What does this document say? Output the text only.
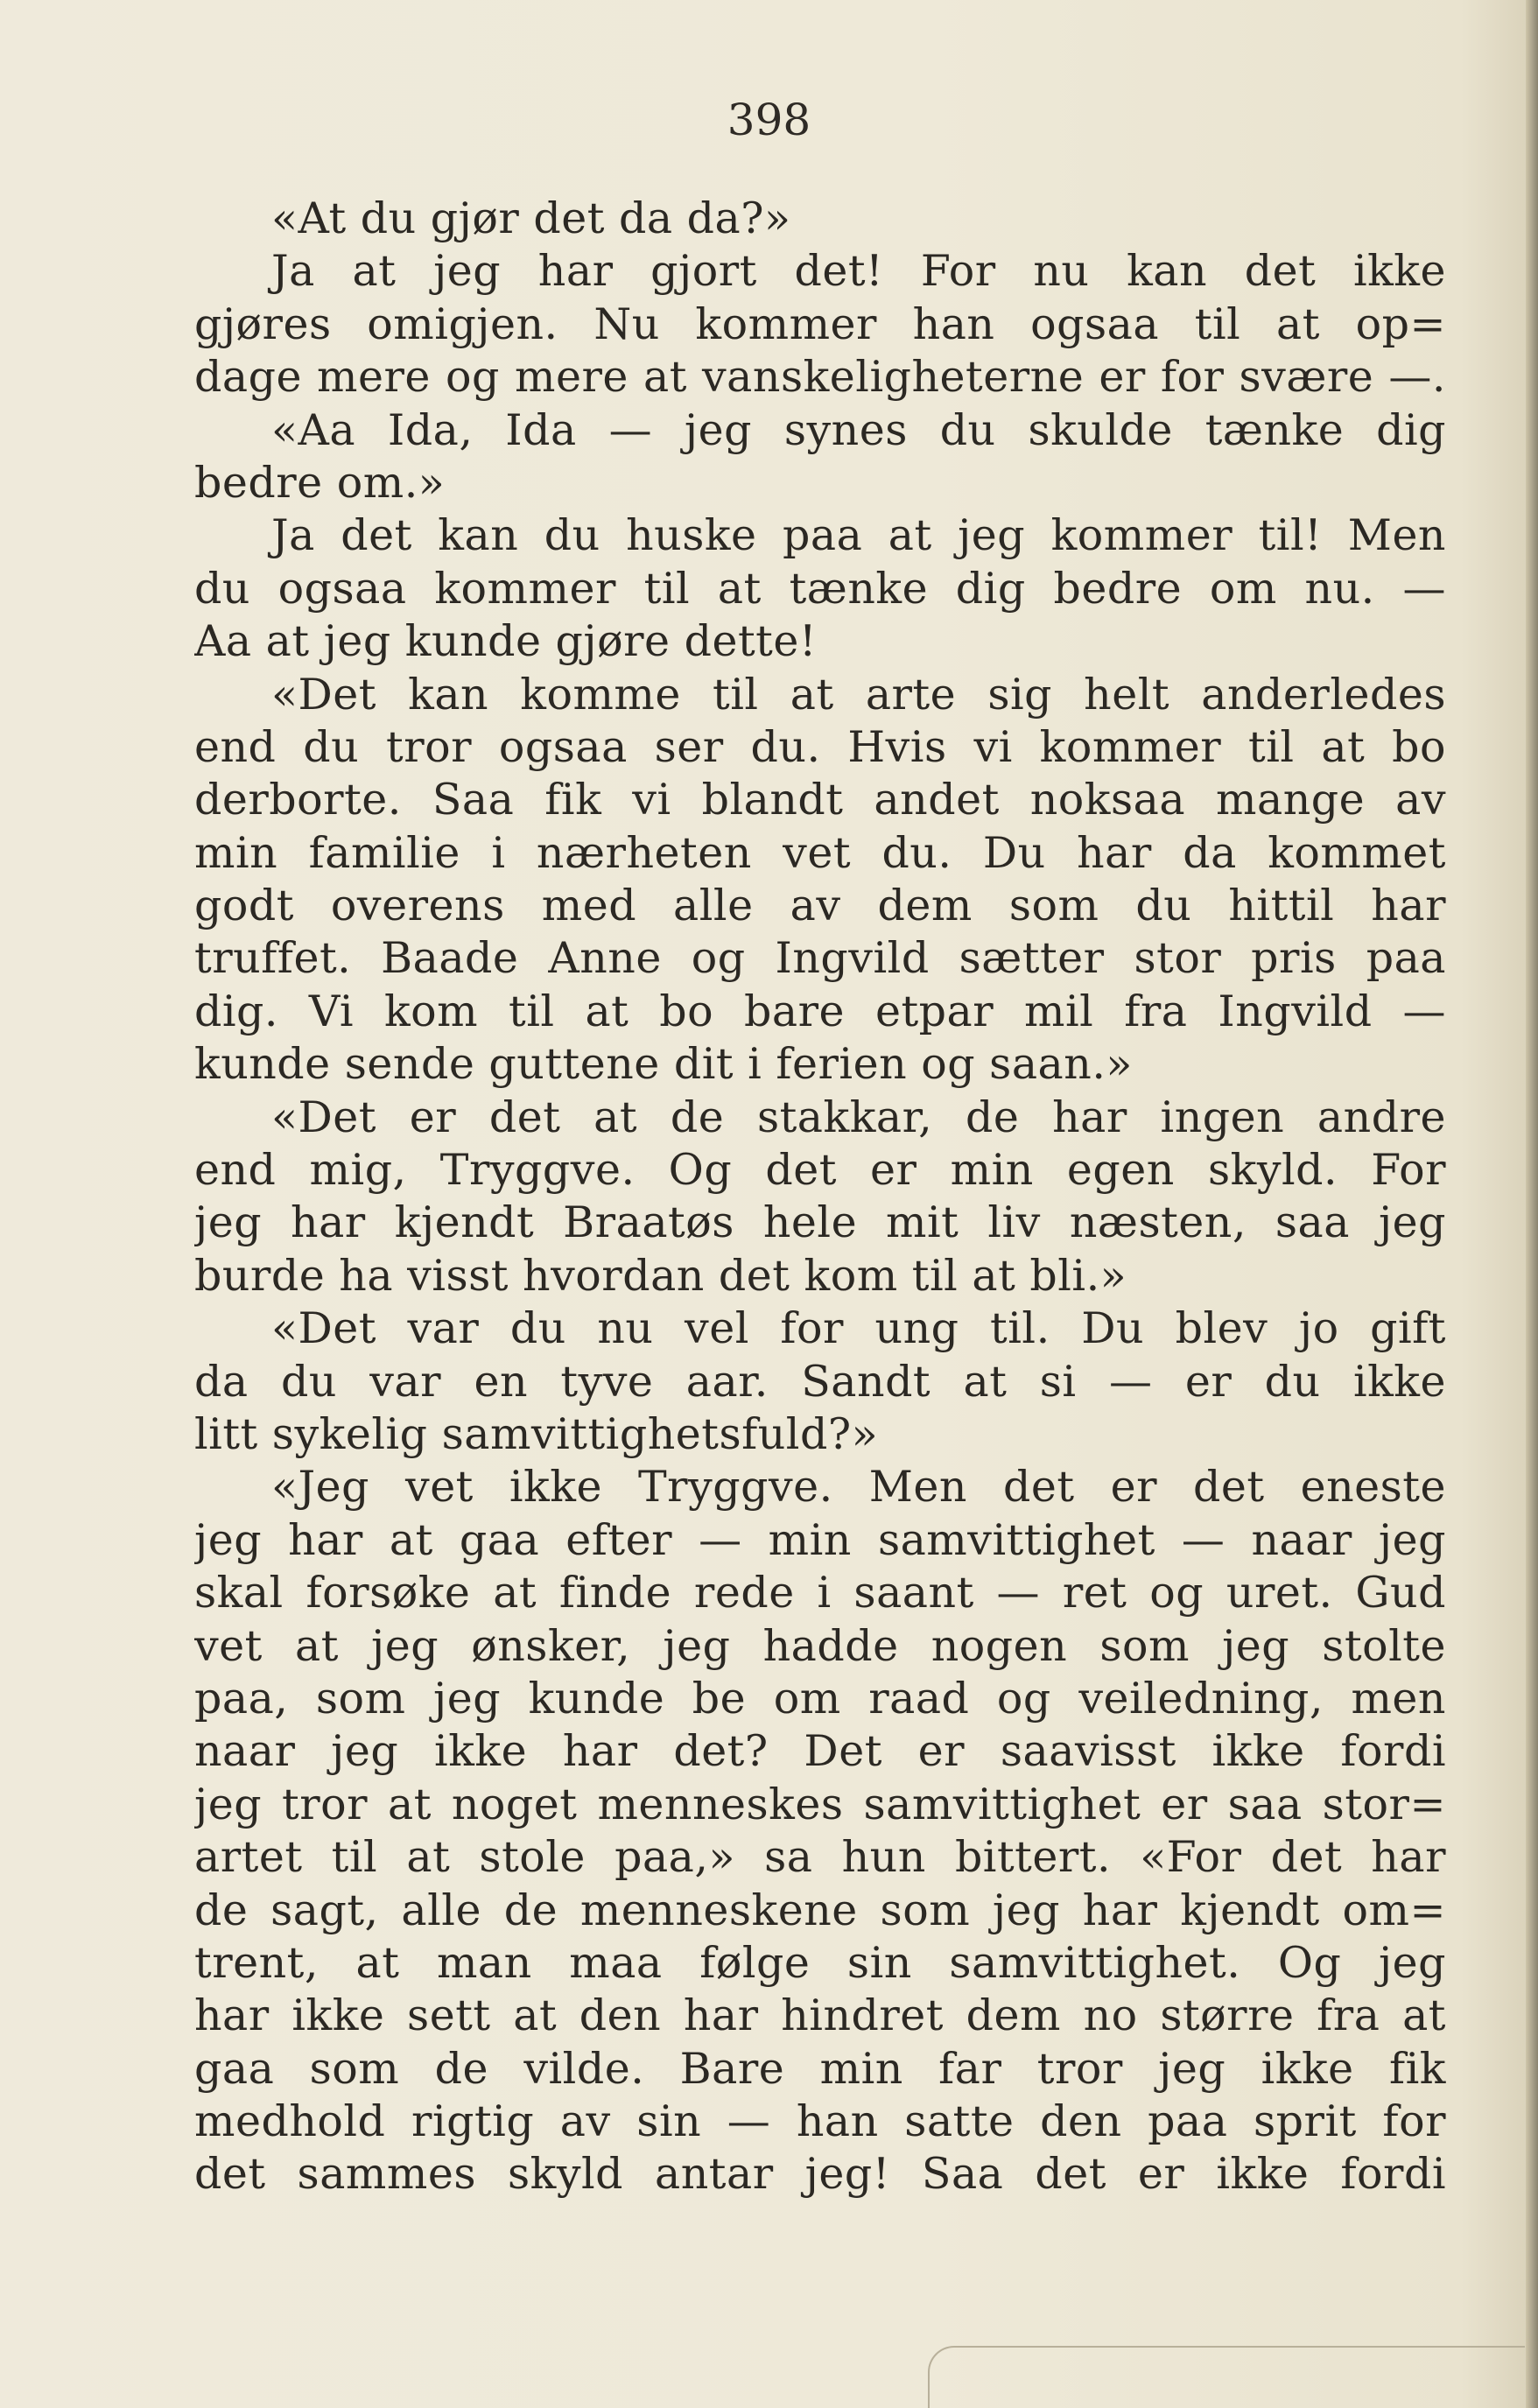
398
«At du gjør det da da?»
Ja at jeg har gjort det! For nu kan det ikke
gjøres omigjen. Nu kommer han ogsaa til at op=
dage mere og mere at vanskeligheterne er for svære —.
«Aa Ida, Ida — jeg synes du skulde tænke dig
bedre om.»
Ja det kan du huske paa at jeg kommer til! Men
du ogsaa kommer til at tænke dig bedre om nu. —
Aa at jeg kunde gjøre dette!
«Det kan komme til at arte sig helt anderledes
end du tror ogsaa ser du. Hvis vi kommer til at bo
derborte. Saa fik vi blandt andet noksaa mange av
min familie i nærheten vet du. Du har da kommet
godt overens med alle av dem som du hittil har
truffet. Baade Anne og Ingvild sætter stor pris paa
dig. Vi kom til at bo bare etpar mil fra Ingvild —
kunde sende guttene dit i ferien og saan.»
«Det er det at de stakkar, de har ingen andre
end mig, Tryggve. Og det er min egen skyld. For
jeg har kjendt Braatøs hele mit liv næsten, saa jeg
burde ha visst hvordan det kom til at bli.»
«Det var du nu vel for ung til. Du blev jo gift
da du var en tyve aar. Sandt at si — er du ikke
litt sykelig samvittighetsfuld?»
«Jeg vet ikke Tryggve. Men det er det eneste
jeg har at gaa efter — min samvittighet — naar jeg
skal forsøke at finde rede i saant — ret og uret. Gud
vet at jeg ønsker, jeg hadde nogen som jeg stolte
paa, som jeg kunde be om raad og veiledning, men
naar jeg ikke har det? Det er saavisst ikke fordi
jeg tror at noget menneskes samvittighet er saa stor=
artet til at stole paa,» sa hun bittert. «For det har
de sagt, alle de menneskene som jeg har kjendt om=
trent, at man maa følge sin samvittighet. Og jeg
har ikke sett at den har hindret dem no større fra at
gaa som de vilde. Bare min far tror jeg ikke fik
medhold rigtig av sin — han satte den paa sprit for
det sammes skyld antar jeg! Saa det er ikke fordi
